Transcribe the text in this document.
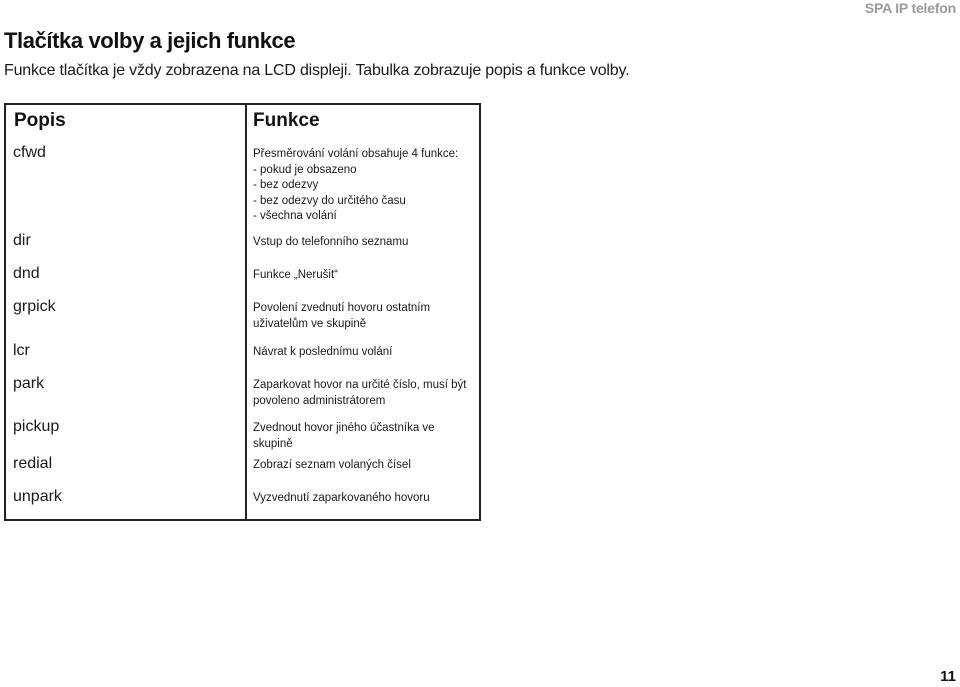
SPA IP telefon
Tlačítka volby a jejich funkce

Funkce tlačítka je vždy zobrazena na LCD displeji. Tabulka zobrazuje popis a funkce volby.

Popis	Funkce
cfwd	Přesměrování volání obsahuje 4 funkce:
- pokud je obsazeno
- bez odezvy
- bez odezvy do určitého času
- všechna volání
dir	Vstup do telefonního seznamu
dnd	Funkce „Nerušit“
grpick	Povolení zvednutí hovoru ostatním
uživatelům ve skupině
lcr	Návrat k poslednímu volání
park	Zaparkovat hovor na určité číslo, musí být
povoleno administrátorem
pickup	Zvednout hovor jiného účastníka ve skupině
redial	Zobrazí seznam volaných čísel
unpark	Vyzvednutí zaparkovaného hovoru
11
